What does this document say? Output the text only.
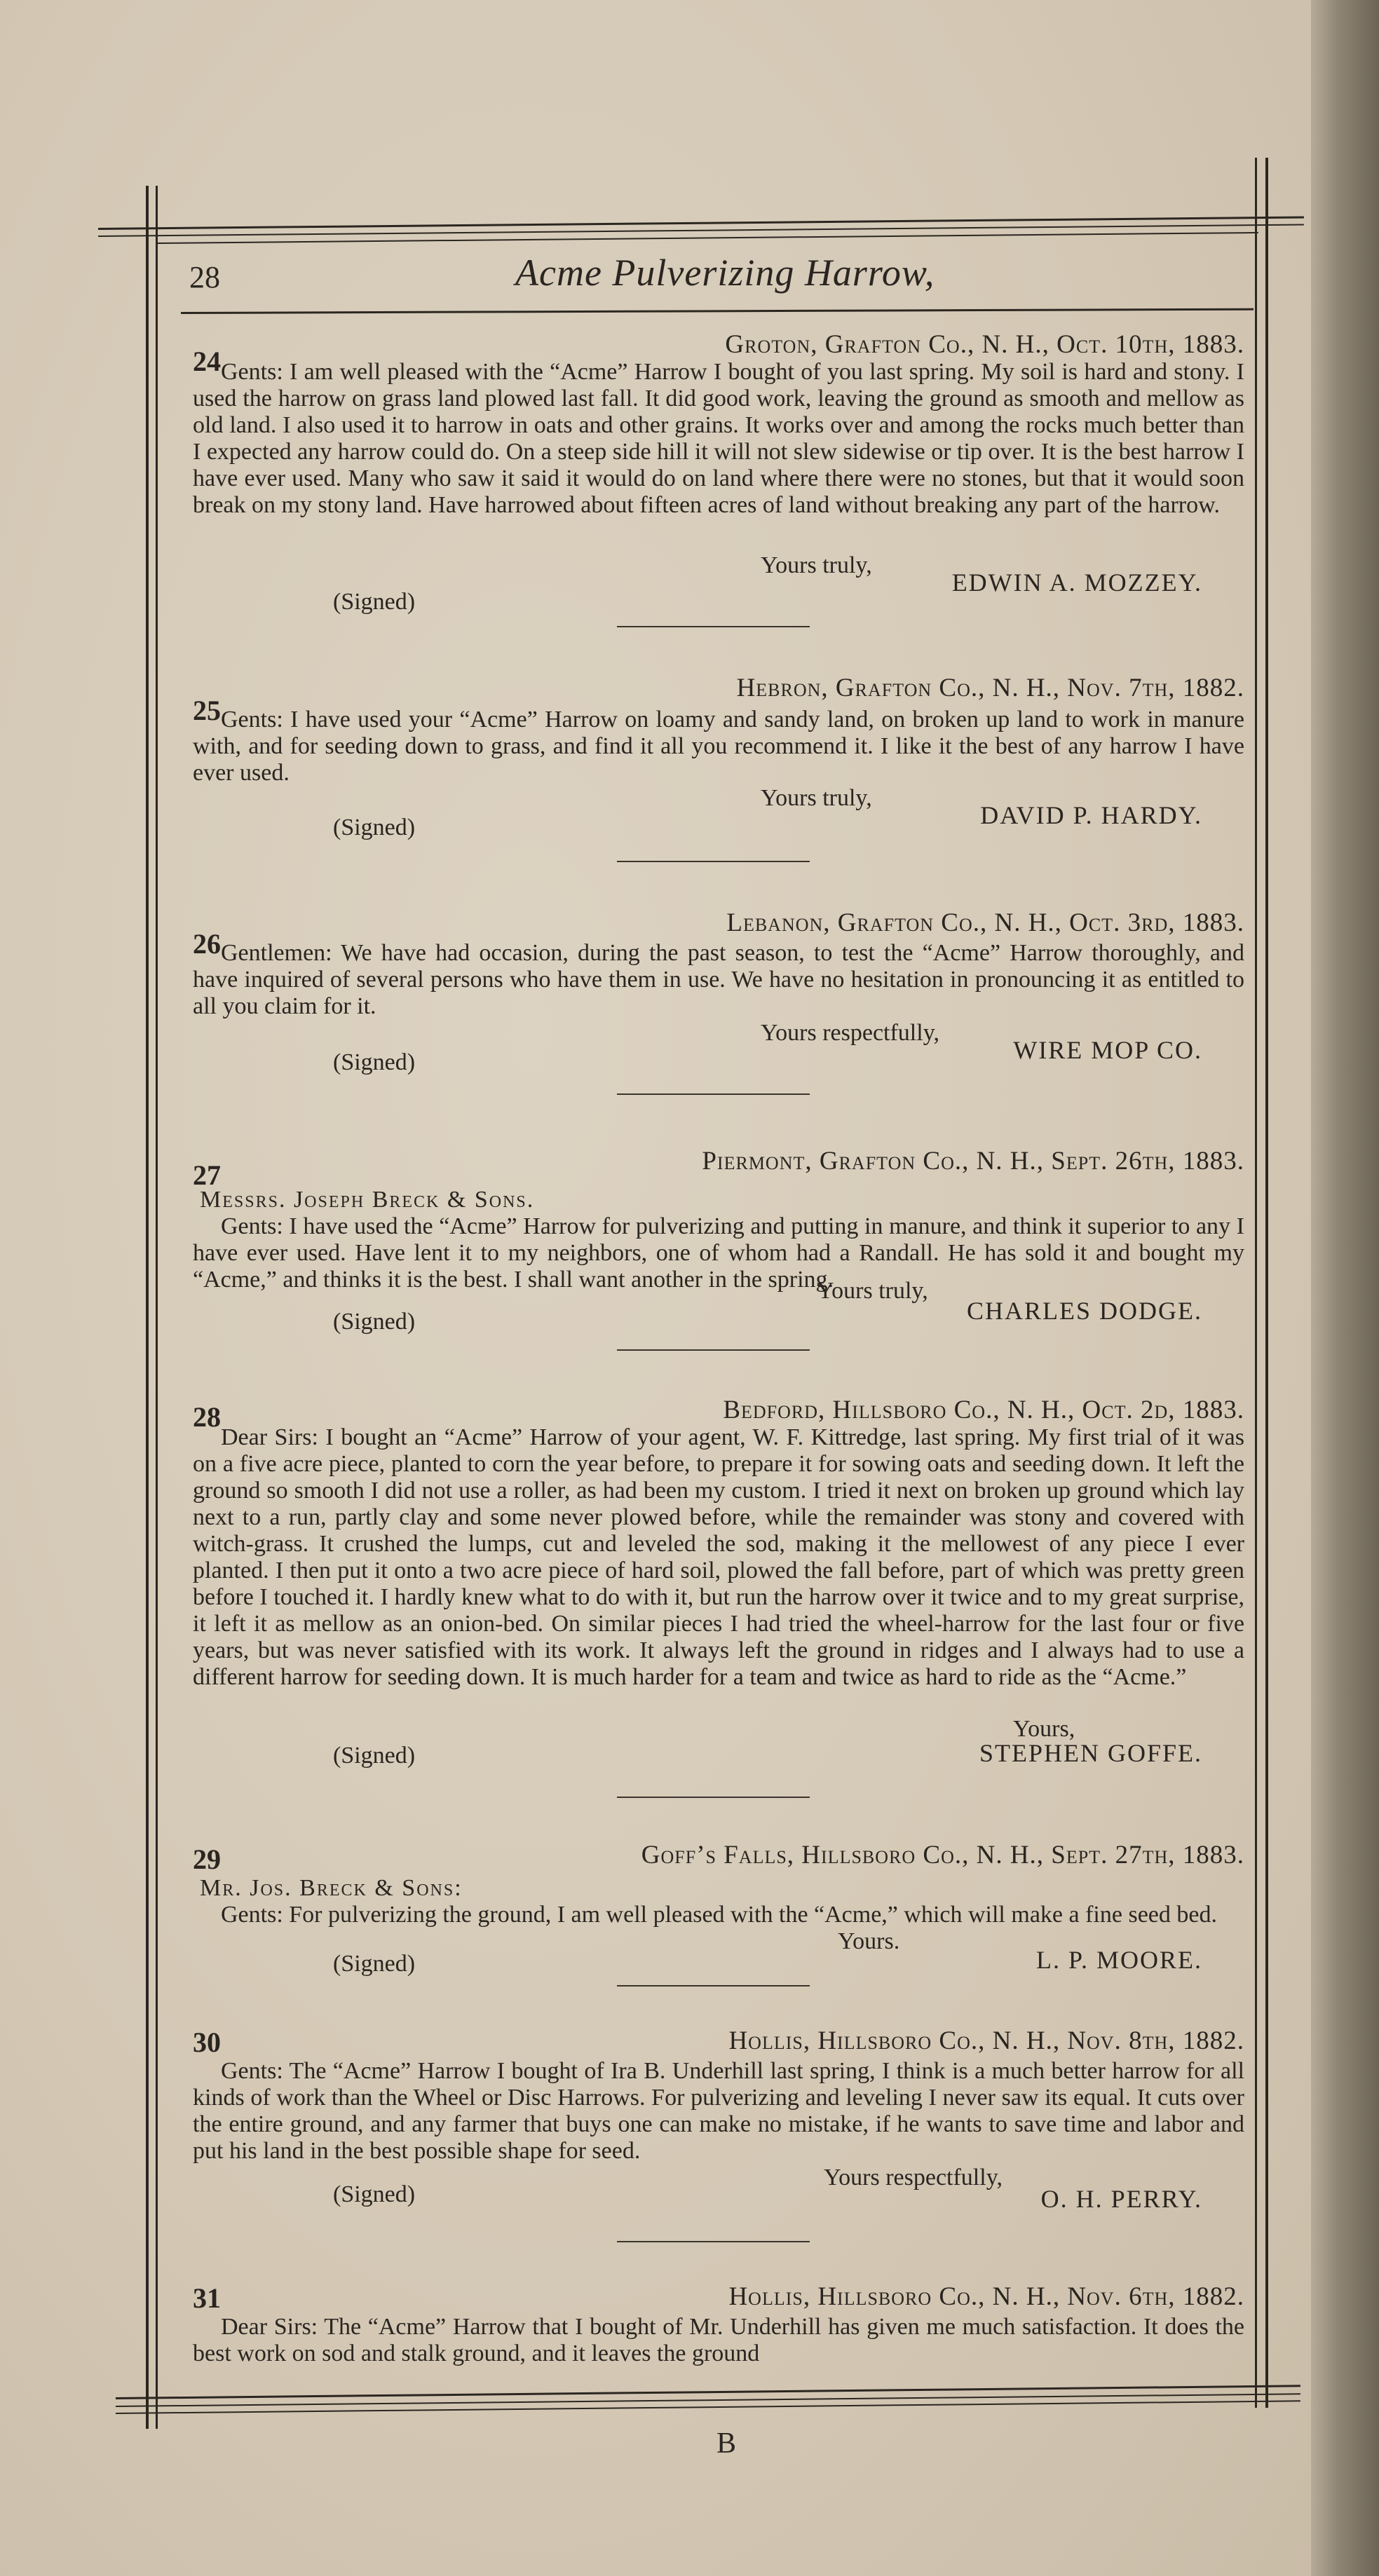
28	Acme Pulverizing Harrow,
24
Groton, Grafton Co., N. H., Oct. 10th, 1883.
Gents: I am well pleased with the “Acme” Harrow I bought of you last spring. My soil is hard and stony. I used the harrow on grass land plowed last fall. It did good work, leaving the ground as smooth and mellow as old land. I also used it to harrow in oats and other grains. It works over and among the rocks much better than I expected any harrow could do. On a steep side hill it will not slew sidewise or tip over. It is the best harrow I have ever used. Many who saw it said it would do on land where there were no stones, but that it would soon break on my stony land. Have harrowed about fifteen acres of land without breaking any part of the harrow.
Yours truly,
(Signed)
EDWIN A. MOZZEY.
25
Hebron, Grafton Co., N. H., Nov. 7th, 1882.
Gents: I have used your “Acme” Harrow on loamy and sandy land, on broken up land to work in manure with, and for seeding down to grass, and find it all you recommend it. I like it the best of any harrow I have ever used.
Yours truly,
(Signed)	DAVID P. HARDY.
26
Lebanon, Grafton Co., N. H., Oct. 3rd, 1883.
Gentlemen: We have had occasion, during the past season, to test the “Acme” Harrow thoroughly, and have inquired of several persons who have them in use. We have no hesitation in pronouncing it as entitled to all you claim for it.
Yours respectfully,
(Signed)	WIRE MOP CO.
27	Piermont, Grafton Co., N. H., Sept. 26th, 1883.
Messrs. Joseph Breck & Sons.
Gents: I have used the “Acme” Harrow for pulverizing and putting in manure, and think it superior to any I have ever used. Have lent it to my neighbors, one of whom had a Randall. He has sold it and bought my “Acme,” and thinks it is the best. I shall want another in the spring.
Yours truly,
(Signed)	CHARLES DODGE.
28	Bedford, Hillsboro Co., N. H., Oct. 2d, 1883.
Dear Sirs: I bought an “Acme” Harrow of your agent, W. F. Kittredge, last spring. My first trial of it was on a five acre piece, planted to corn the year before, to prepare it for sowing oats and seeding down. It left the ground so smooth I did not use a roller, as had been my custom. I tried it next on broken up ground which lay next to a run, partly clay and some never plowed before, while the remainder was stony and covered with witch-grass. It crushed the lumps, cut and leveled the sod, making it the mellowest of any piece I ever planted. I then put it onto a two acre piece of hard soil, plowed the fall before, part of which was pretty green before I touched it. I hardly knew what to do with it, but run the harrow over it twice and to my great surprise, it left it as mellow as an onion-bed. On similar pieces I had tried the wheel-harrow for the last four or five years, but was never satisfied with its work. It always left the ground in ridges and I always had to use a different harrow for seeding down. It is much harder for a team and twice as hard to ride as the “Acme.”
Yours,
(Signed)	STEPHEN GOFFE.
29	Goff’s Falls, Hillsboro Co., N. H., Sept. 27th, 1883.
Mr. Jos. Breck & Sons:
Gents: For pulverizing the ground, I am well pleased with the “Acme,” which will make a fine seed bed.
Yours.
(Signed)	L. P. MOORE.
30	Hollis, Hillsboro Co., N. H., Nov. 8th, 1882.
Gents: The “Acme” Harrow I bought of Ira B. Underhill last spring, I think is a much better harrow for all kinds of work than the Wheel or Disc Harrows. For pulverizing and leveling I never saw its equal. It cuts over the entire ground, and any farmer that buys one can make no mistake, if he wants to save time and labor and put his land in the best possible shape for seed.
Yours respectfully,
(Signed)	O. H. PERRY.
31	Hollis, Hillsboro Co., N. H., Nov. 6th, 1882.
Dear Sirs: The “Acme” Harrow that I bought of Mr. Underhill has given me much satisfaction. It does the best work on sod and stalk ground, and it leaves the ground
B
